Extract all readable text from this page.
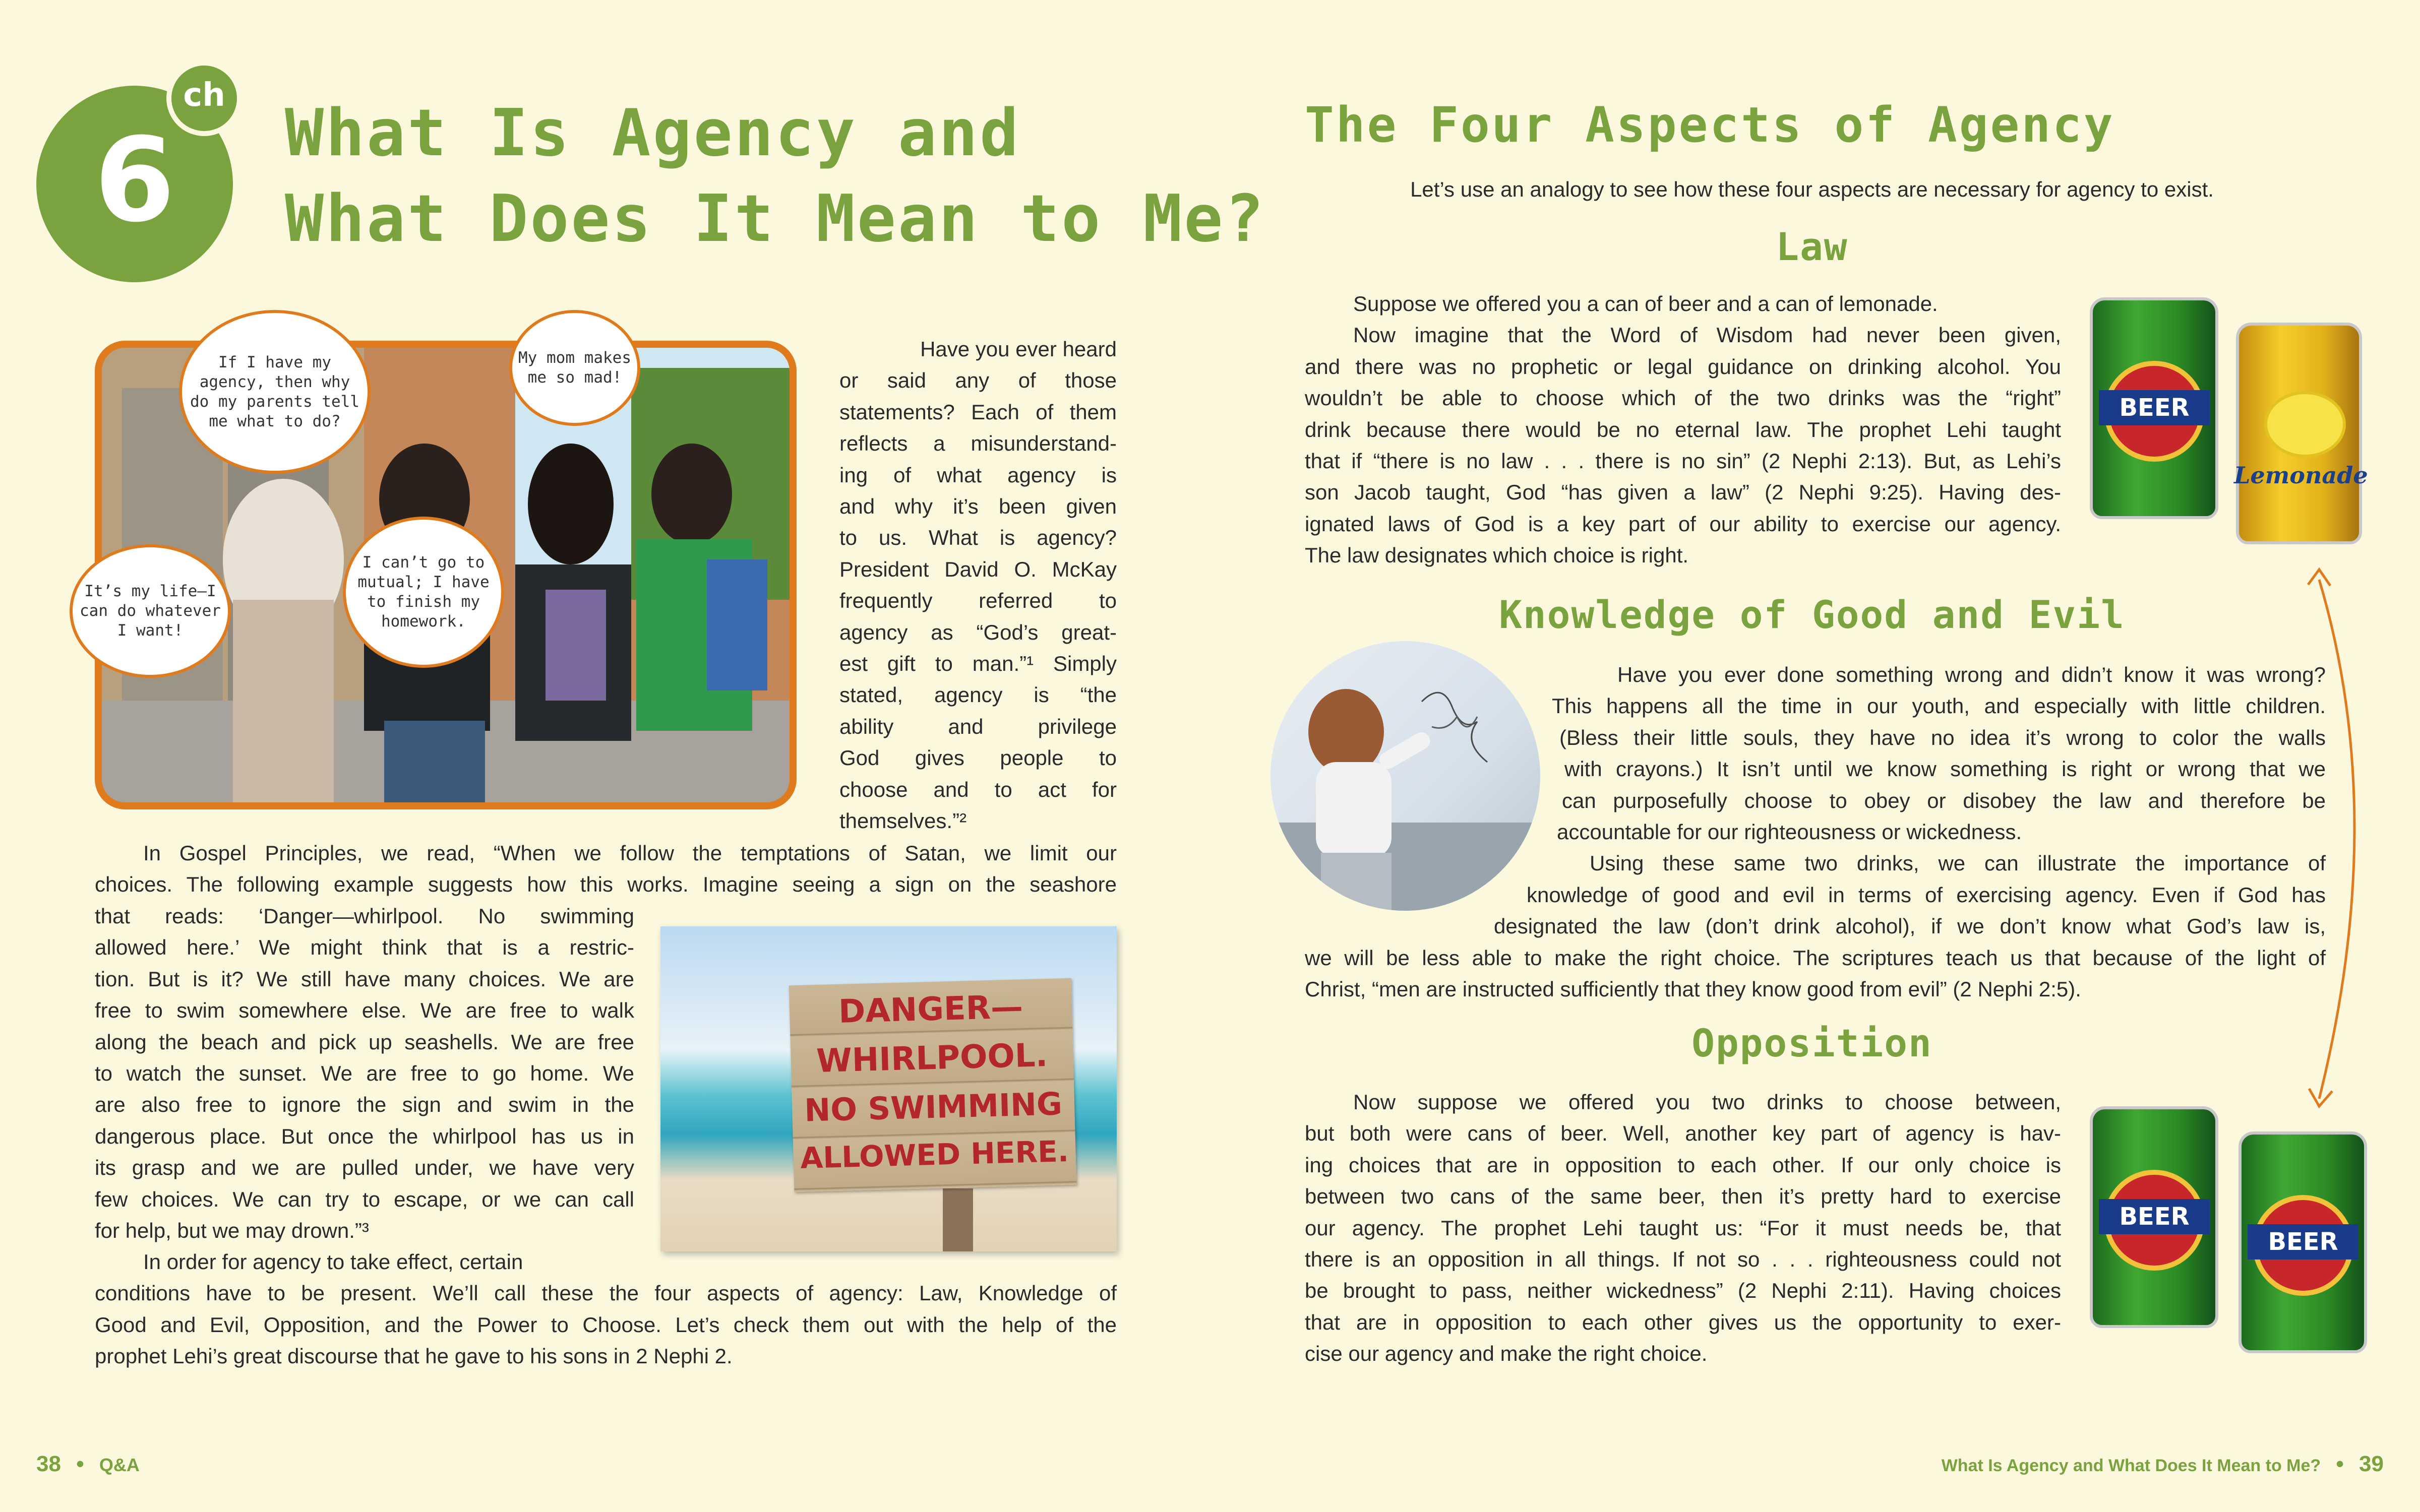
6
ch
What Is Agency and
What Does It Mean to Me?
If I have my agency, then why do my parents tell me what to do?
My mom makes me so mad!
It’s my life—I can do whatever I want!
I can’t go to mutual; I have to finish my homework.

Have you ever heard

or said any of those

statements? Each of them

reflects a misunderstand-

ing of what agency is

and why it’s been given

to us. What is agency?

President David O. McKay

frequently referred to

agency as “God’s great-

est gift to man.”¹ Simply

stated, agency is “the

ability and privilege

God gives people to

choose and to act for

themselves.”²

In Gospel Principles, we read, “When we follow the temptations of Satan, we limit our

choices. The following example suggests how this works. Imagine seeing a sign on the seashore

that reads: ‘Danger—whirlpool. No swimming

allowed here.’ We might think that is a restric-

tion. But is it? We still have many choices. We are

free to swim somewhere else. We are free to walk

along the beach and pick up seashells. We are free

to watch the sunset. We are free to go home. We

are also free to ignore the sign and swim in the

dangerous place. But once the whirlpool has us in

its grasp and we are pulled under, we have very

few choices. We can try to escape, or we can call

for help, but we may drown.”³

DANGER—
WHIRLPOOL.
NO SWIMMING
ALLOWED HERE.

In order for agency to take effect, certain

conditions have to be present. We’ll call these the four aspects of agency: Law, Knowledge of

Good and Evil, Opposition, and the Power to Choose. Let’s check them out with the help of the

prophet Lehi’s great discourse that he gave to his sons in 2 Nephi 2.

38 • Q&A
The Four Aspects of Agency
Let’s use an analogy to see how these four aspects are necessary for agency to exist.
Law

Suppose we offered you a can of beer and a can of lemonade.

Now imagine that the Word of Wisdom had never been given,

and there was no prophetic or legal guidance on drinking alcohol. You

wouldn’t be able to choose which of the two drinks was the “right”

drink because there would be no eternal law. The prophet Lehi taught

that if “there is no law . . . there is no sin” (2 Nephi 2:13). But, as Lehi’s

son Jacob taught, God “has given a law” (2 Nephi 9:25). Having des-

ignated laws of God is a key part of our ability to exercise our agency.

The law designates which choice is right.

BEER
Lemonade
Knowledge of Good and Evil

Have you ever done something wrong and didn’t know it was wrong?

This happens all the time in our youth, and especially with little children.

(Bless their little souls, they have no idea it’s wrong to color the walls

with crayons.) It isn’t until we know something is right or wrong that we

can purposefully choose to obey or disobey the law and therefore be

accountable for our righteousness or wickedness.

Using these same two drinks, we can illustrate the importance of

knowledge of good and evil in terms of exercising agency. Even if God has

designated the law (don’t drink alcohol), if we don’t know what God’s law is,

we will be less able to make the right choice. The scriptures teach us that because of the light of

Christ, “men are instructed sufficiently that they know good from evil” (2 Nephi 2:5).

Opposition

Now suppose we offered you two drinks to choose between,

but both were cans of beer. Well, another key part of agency is hav-

ing choices that are in opposition to each other. If our only choice is

between two cans of the same beer, then it’s pretty hard to exercise

our agency. The prophet Lehi taught us: “For it must needs be, that

there is an opposition in all things. If not so . . . righteousness could not

be brought to pass, neither wickedness” (2 Nephi 2:11). Having choices

that are in opposition to each other gives us the opportunity to exer-

cise our agency and make the right choice.

BEER
BEER
What Is Agency and What Does It Mean to Me? • 39
